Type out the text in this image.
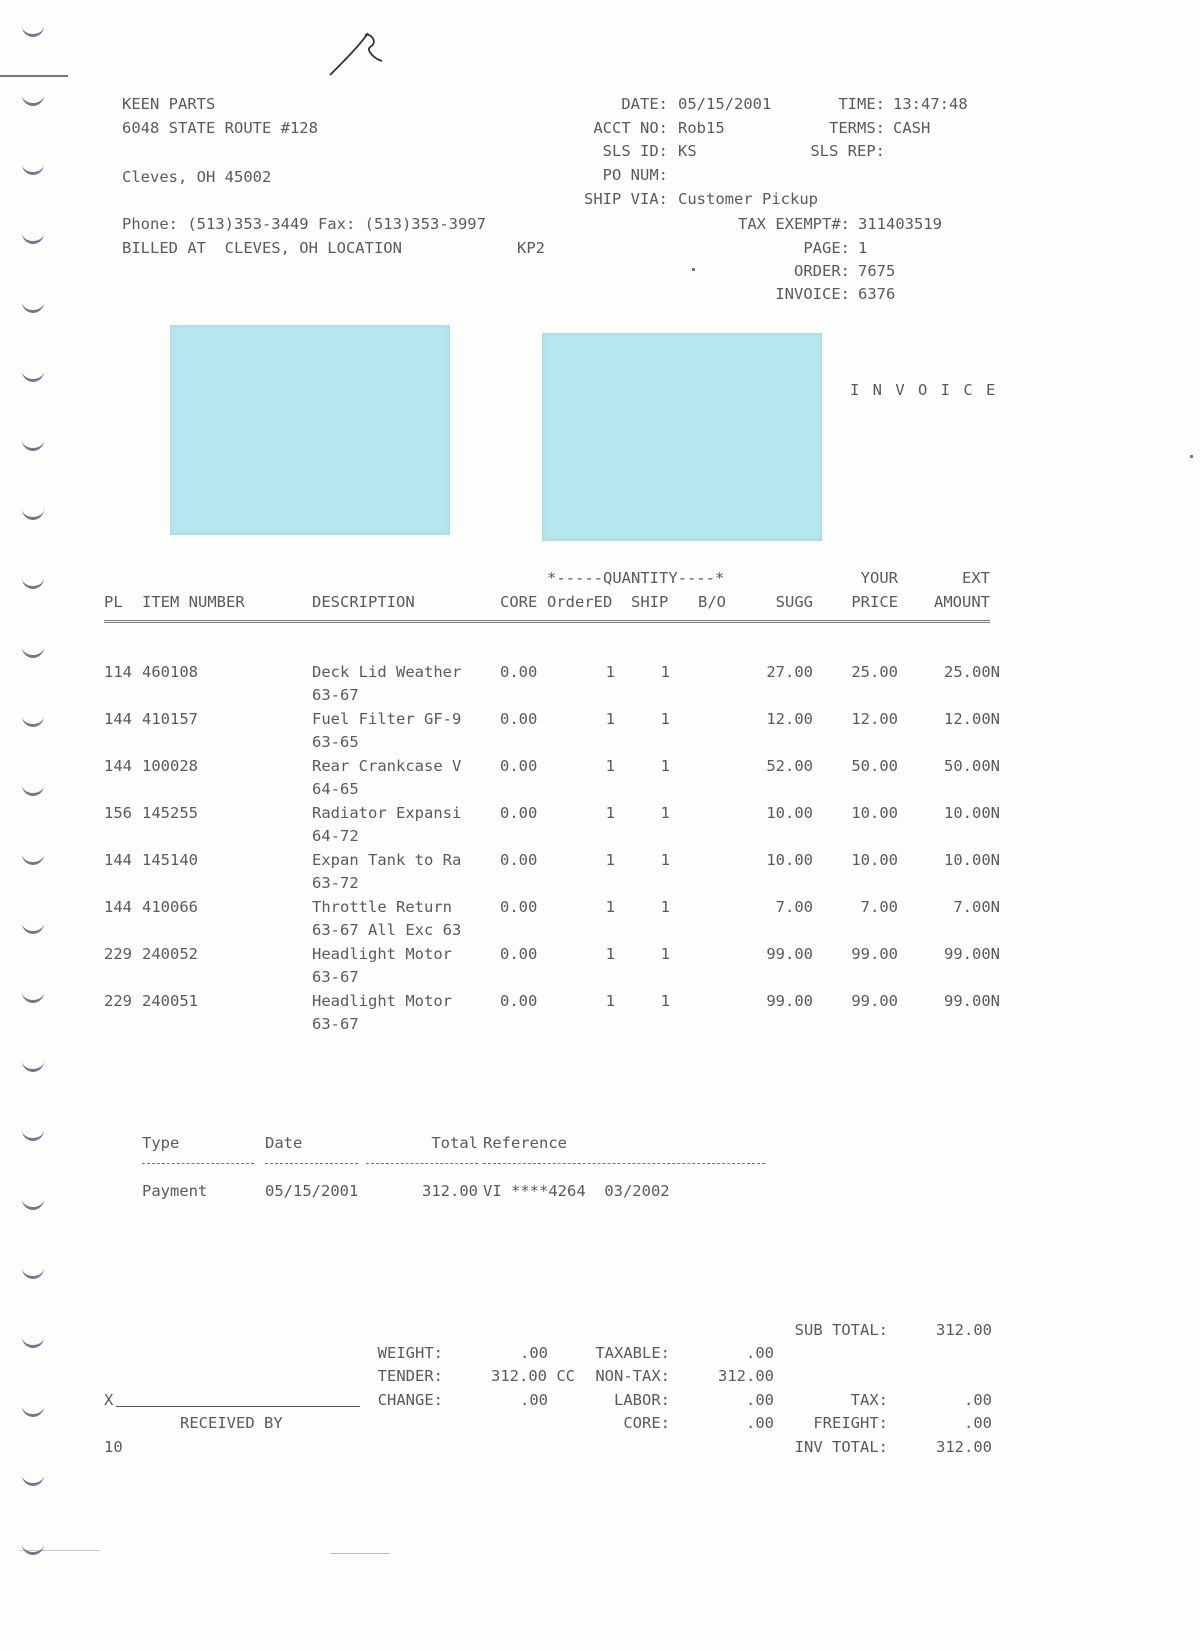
KEEN PARTS
6048 STATE ROUTE #128
Cleves, OH 45002
Phone: (513)353-3449 Fax: (513)353-3997
BILLED AT  CLEVES, OH LOCATION	KP2
DATE: 05/15/2001
ACCT NO: Rob15
SLS ID: KS
PO NUM:
SHIP VIA: Customer Pickup
TIME: 13:47:48
TERMS: CASH
SLS REP:
TAX EXEMPT#: 311403519
PAGE: 1
ORDER: 7675
INVOICE: 6376
I N V O I C E
*-----QUANTITY----*	YOUR	EXT
PL ITEM NUMBER	DESCRIPTION	CORE OrderED SHIP B/O	SUGG	PRICE	AMOUNT
114 460108	Deck Lid Weather 0.00	1	1	27.00	25.00	25.00N
63-67
144 410157	Fuel Filter GF-9 0.00	1	1	12.00	12.00	12.00N
63-65
144 100028	Rear Crankcase V 0.00	1	1	52.00	50.00	50.00N
64-65
156 145255	Radiator Expansi 0.00	1	1	10.00	10.00	10.00N
64-72
144 145140	Expan Tank to Ra 0.00	1	1	10.00	10.00	10.00N
63-72
144 410066	Throttle Return	0.00	1	1	7.00	7.00	7.00N
63-67 All Exc 63
229 240052	Headlight Motor	0.00	1	1	99.00	99.00	99.00N
63-67
229 240051	Headlight Motor	0.00	1	1	99.00	99.00	99.00N
63-67
Type	Date	Total Reference
Payment	05/15/2001	312.00 VI ****4264  03/2002
SUB TOTAL:	312.00
WEIGHT:	.00
TENDER:	312.00 CC
CHANGE:	.00
TAXABLE:	.00
NON-TAX:	312.00
LABOR:	.00
CORE:	.00
TAX:	.00
FREIGHT:	.00
INV TOTAL:	312.00
X
RECEIVED BY
10
